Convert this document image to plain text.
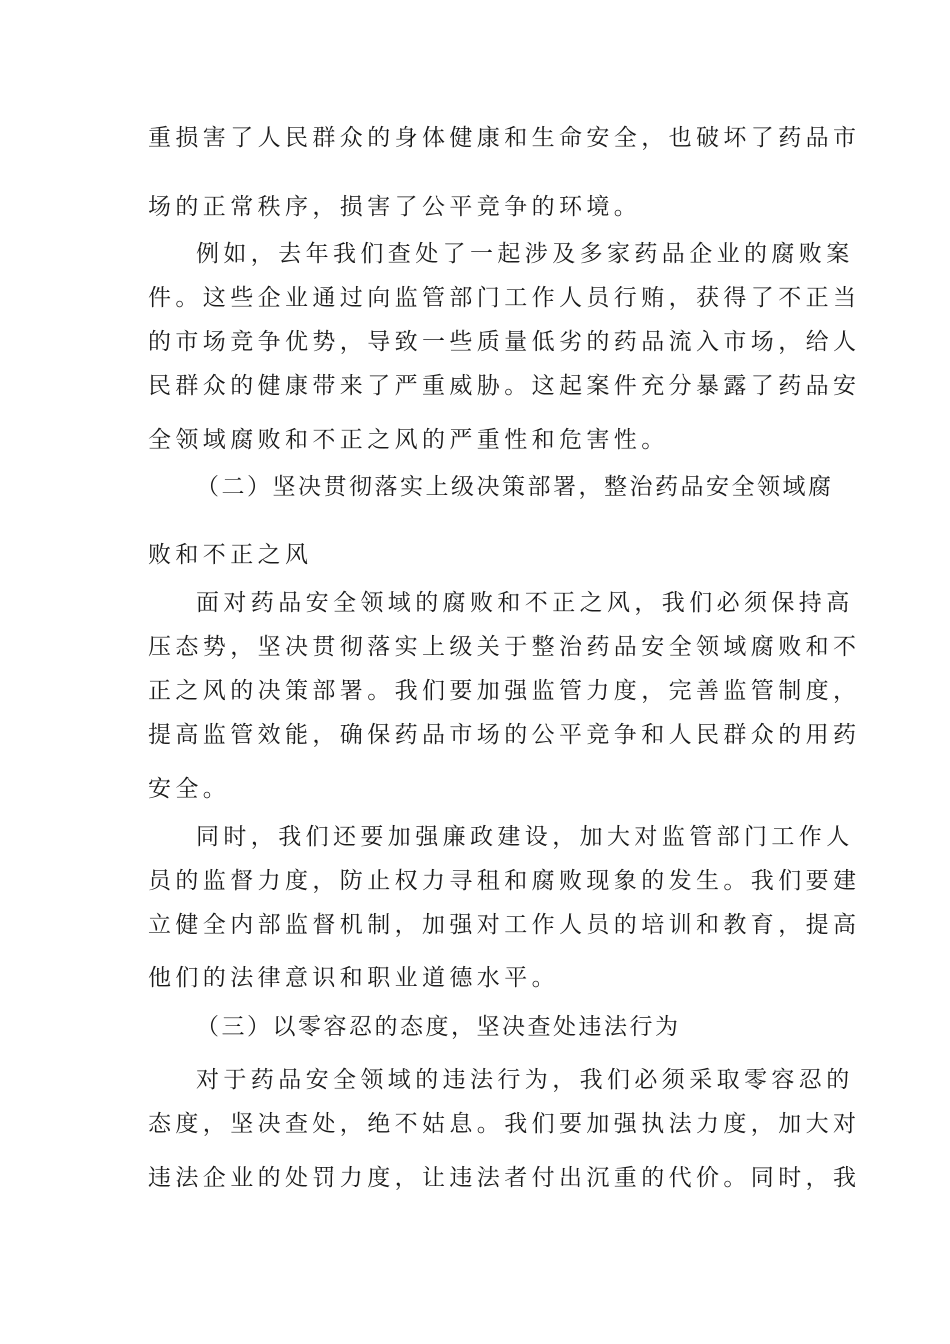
重损害了人民群众的身体健康和生命安全，也破坏了药品市
场的正常秩序，损害了公平竞争的环境。
例如，去年我们查处了一起涉及多家药品企业的腐败案
件。这些企业通过向监管部门工作人员行贿，获得了不正当
的市场竞争优势，导致一些质量低劣的药品流入市场，给人
民群众的健康带来了严重威胁。这起案件充分暴露了药品安
全领域腐败和不正之风的严重性和危害性。
（二）坚决贯彻落实上级决策部署，整治药品安全领域腐
败和不正之风
面对药品安全领域的腐败和不正之风，我们必须保持高
压态势，坚决贯彻落实上级关于整治药品安全领域腐败和不
正之风的决策部署。我们要加强监管力度，完善监管制度，
提高监管效能，确保药品市场的公平竞争和人民群众的用药
安全。
同时，我们还要加强廉政建设，加大对监管部门工作人
员的监督力度，防止权力寻租和腐败现象的发生。我们要建
立健全内部监督机制，加强对工作人员的培训和教育，提高
他们的法律意识和职业道德水平。
（三）以零容忍的态度，坚决查处违法行为
对于药品安全领域的违法行为，我们必须采取零容忍的
态度，坚决查处，绝不姑息。我们要加强执法力度，加大对
违法企业的处罚力度，让违法者付出沉重的代价。同时，我
